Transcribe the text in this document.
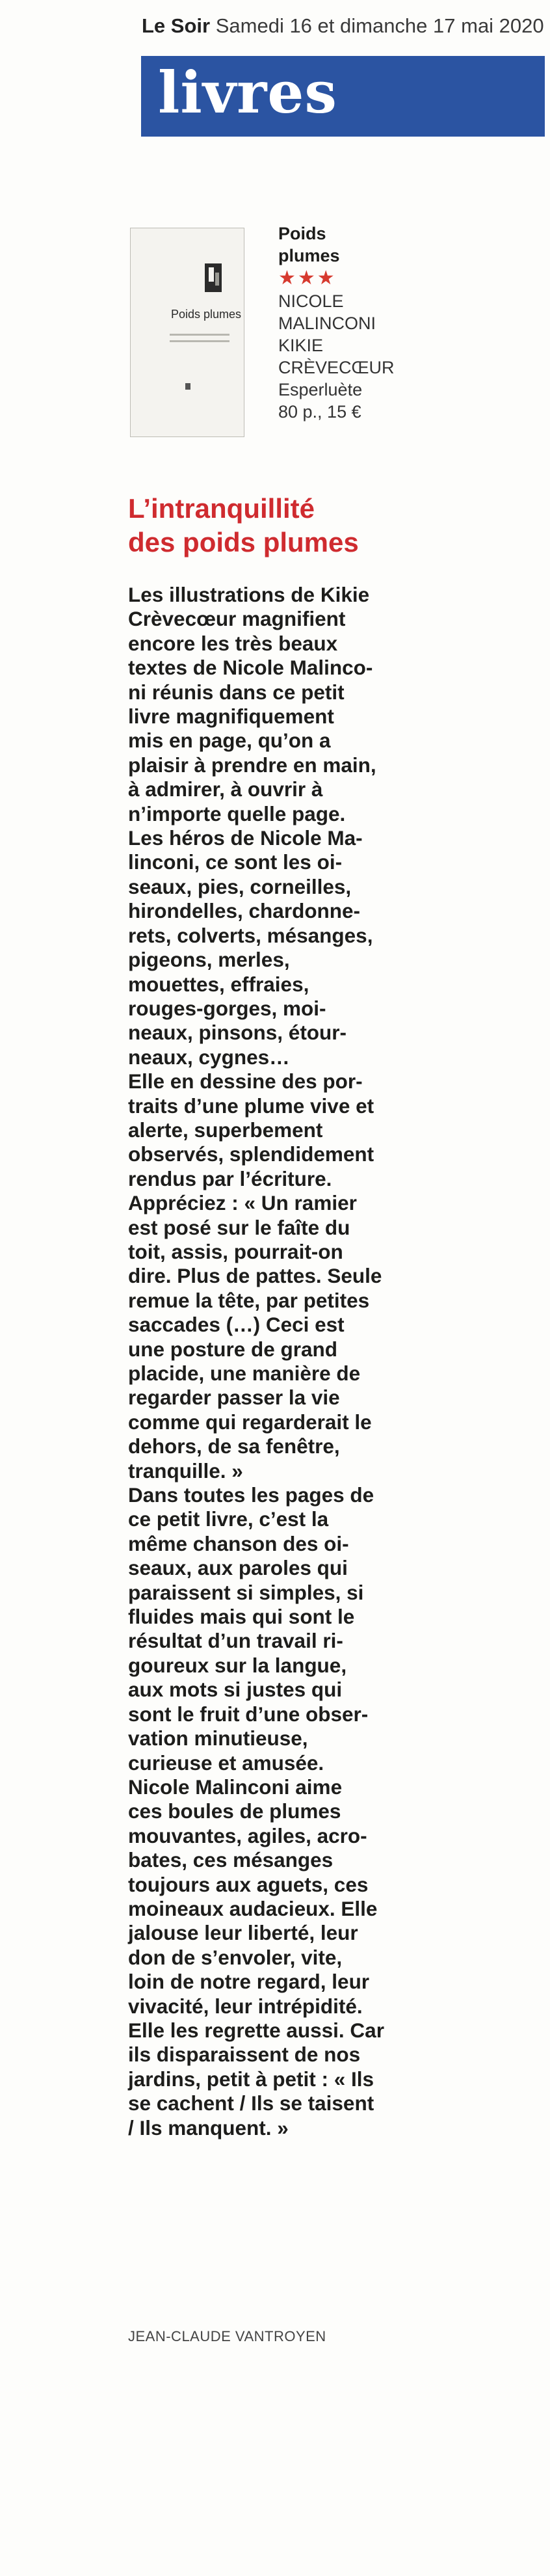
Le Soir Samedi 16 et dimanche 17 mai 2020
livres
Poids plumes
Poids
plumes
★★★
NICOLE
MALINCONI
KIKIE
CRÈVECŒUR
Esperluète
80 p., 15 €
L’intranquillité
des poids plumes
Les illustrations de Kikie
Crèvecœur magnifient
encore les très beaux
textes de Nicole Malinco-
ni réunis dans ce petit
livre magnifiquement
mis en page, qu’on a
plaisir à prendre en main,
à admirer, à ouvrir à
n’importe quelle page.
Les héros de Nicole Ma-
linconi, ce sont les oi-
seaux, pies, corneilles,
hirondelles, chardonne-
rets, colverts, mésanges,
pigeons, merles,
mouettes, effraies,
rouges-gorges, moi-
neaux, pinsons, étour-
neaux, cygnes…
Elle en dessine des por-
traits d’une plume vive et
alerte, superbement
observés, splendidement
rendus par l’écriture.
Appréciez : « Un ramier
est posé sur le faîte du
toit, assis, pourrait-on
dire. Plus de pattes. Seule
remue la tête, par petites
saccades (…) Ceci est
une posture de grand
placide, une manière de
regarder passer la vie
comme qui regarderait le
dehors, de sa fenêtre,
tranquille. »
Dans toutes les pages de
ce petit livre, c’est la
même chanson des oi-
seaux, aux paroles qui
paraissent si simples, si
fluides mais qui sont le
résultat d’un travail ri-
goureux sur la langue,
aux mots si justes qui
sont le fruit d’une obser-
vation minutieuse,
curieuse et amusée.
Nicole Malinconi aime
ces boules de plumes
mouvantes, agiles, acro-
bates, ces mésanges
toujours aux aguets, ces
moineaux audacieux. Elle
jalouse leur liberté, leur
don de s’envoler, vite,
loin de notre regard, leur
vivacité, leur intrépidité.
Elle les regrette aussi. Car
ils disparaissent de nos
jardins, petit à petit : « Ils
se cachent / Ils se taisent
/ Ils manquent. »
JEAN-CLAUDE VANTROYEN
